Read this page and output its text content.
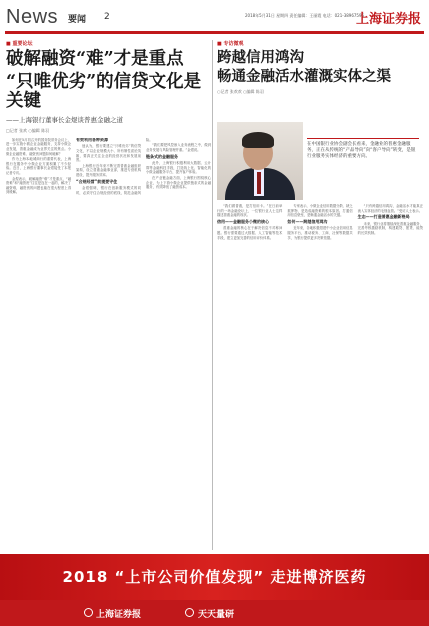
News 要闻 2	2018年5月31日 星期四 责任编辑：王丽霞 电话：021-38967596
上海证券报
■ 重要论坛
破解融资“难”才是重点
“只唯优劣”的信贷文化是关键
——上海银行董事长金煜谈普惠金融之道
□记者 张欢 ○编辑 陈羽

如何在5月初召开的国务院常务会议上，进一步实施小微企业金融服务，支持小微企业发展，普惠金融成为业界关注的焦点。小微企业融资难、融资贵问题如何破解？

作为上海本地城商行的重要代表，上海银行在服务中小微企业方面积累了不少经验。近日，上海银行董事长金煜接受了本报记者专访。

金煜表示，破解融资“难”才是重点，“融资难”和“融资贵”往往是连在一起的，解决了融资难，融资贵的问题也能在很大程度上得到缓解。

有效利用各种资源

他认为，银行要建立“只唯优劣”的信贷文化，不以企业规模大小、所有制性质论英雄，要真正关注企业的经营状况和发展前景。

上海银行近年来不断完善普惠金融组织架构，设立普惠金融事业部，推进专营机构建设，提升服务效率。

“合规经营”前提要守住

金煜强调，银行在创新服务模式的同时，必须守住合规经营的底线，防范金融风险。

“我们要把风控嵌入业务流程之中，做到业务发展与风险管理并重。”金煜说。

链条式的金融服务

此外，上海银行积极利用大数据、云计算等金融科技手段，打造线上化、智能化的小微金融服务平台，提升客户体验。

在产业链金融方面，上海银行围绕核心企业，为上下游小微企业提供链条式的金融服务，有效降低了融资成本。

■ 专访微观
跨越信用鸿沟
畅通金融活水灌溉实体之渠
○记者 张欢欢 ○编辑 陈羽
在中国银行业协会副会长看来，金融业的普惠金融服务，正在从传统的“产品导向”向“客户导向”转变，是银行业服务实体经济的重要方向。

“我们做普惠，是打信用卡。”在日前举行的一场金融论坛上，一位银行业人士这样描述普惠金融的现状。

信用——金融服务小微的核心

普惠金融的核心在于解决信息不对称问题。银行需要通过大数据、人工智能等技术手段，建立更加完善的信用评价体系。

专家表示，小微企业信用数据分散、缺乏抵押物，是造成融资难的根本原因。打通信用信息壁垒，是畅通金融活水的关键。

如何——跨越信用鸿沟

近年来，各地积极搭建中小企业信用信息服务平台，推动税务、工商、社保等数据共享，为银行提供更多决策依据。

“只有跨越信用鸿沟，金融活水才能真正流入实体经济的毛细血管。”受访人士表示。

生态——打造普惠金融新格局

未来，银行业将继续深化普惠金融服务，完善考核激励机制，构建敢贷、愿贷、能贷的长效机制。

2018 “上市公司价值发现” 走进博济医药
上海证券报	天天量研
